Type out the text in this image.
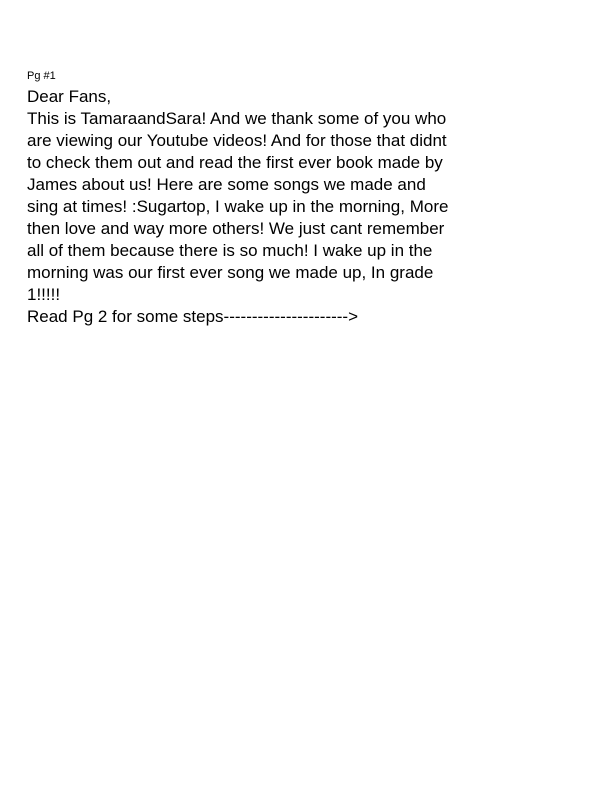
Pg #1

Dear Fans,

This is TamaraandSara! And we thank some of you who

are viewing our Youtube videos! And for those that didnt

to check them out and read the first ever book made by

James about us! Here are some songs we made and

sing at times! :Sugartop, I wake up in the morning, More

then love and way more others! We just cant remember

all of them because there is so much! I wake up in the

morning was our first ever song we made up, In grade

1!!!!!

Read Pg 2 for some steps---------------------->
